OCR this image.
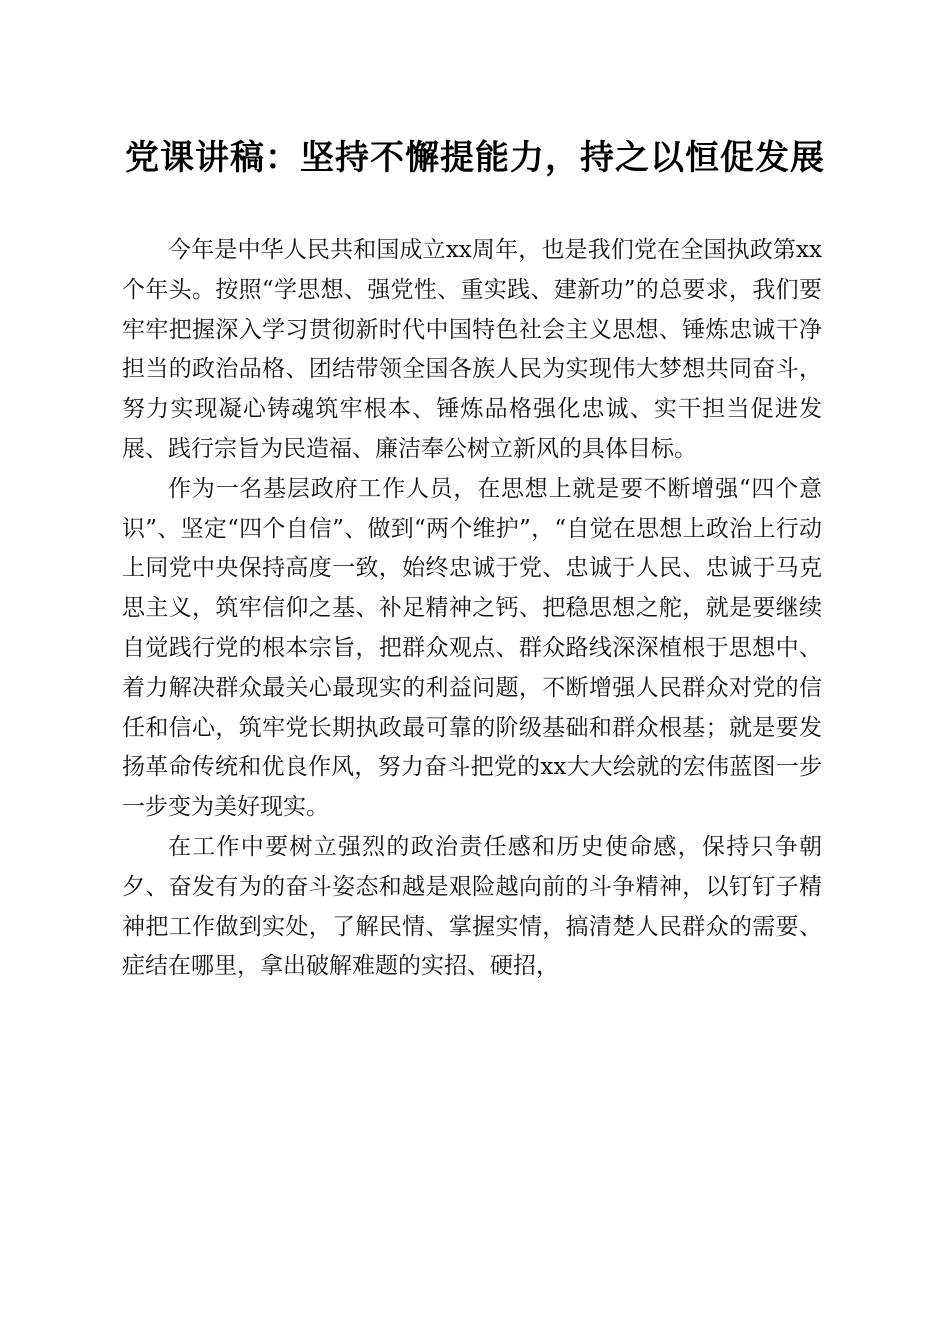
党课讲稿：坚持不懈提能力，持之以恒促发展

今年是中华人民共和国成立xx周年，也是我们党在全国执政第xx个年头。按照“学思想、强党性、重实践、建新功”的总要求，我们要牢牢把握深入学习贯彻新时代中国特色社会主义思想、锤炼忠诚干净担当的政治品格、团结带领全国各族人民为实现伟大梦想共同奋斗，努力实现凝心铸魂筑牢根本、锤炼品格强化忠诚、实干担当促进发展、践行宗旨为民造福、廉洁奉公树立新风的具体目标。

作为一名基层政府工作人员，在思想上就是要不断增强“四个意识”、坚定“四个自信”、做到“两个维护”，“自觉在思想上政治上行动上同党中央保持高度一致，始终忠诚于党、忠诚于人民、忠诚于马克思主义，筑牢信仰之基、补足精神之钙、把稳思想之舵，就是要继续自觉践行党的根本宗旨，把群众观点、群众路线深深植根于思想中、着力解决群众最关心最现实的利益问题，不断增强人民群众对党的信任和信心，筑牢党长期执政最可靠的阶级基础和群众根基；就是要发扬革命传统和优良作风，努力奋斗把党的xx大大绘就的宏伟蓝图一步一步变为美好现实。

在工作中要树立强烈的政治责任感和历史使命感，保持只争朝夕、奋发有为的奋斗姿态和越是艰险越向前的斗争精神，以钉钉子精神把工作做到实处，了解民情、掌握实情，搞清楚人民群众的需要、症结在哪里，拿出破解难题的实招、硬招，
